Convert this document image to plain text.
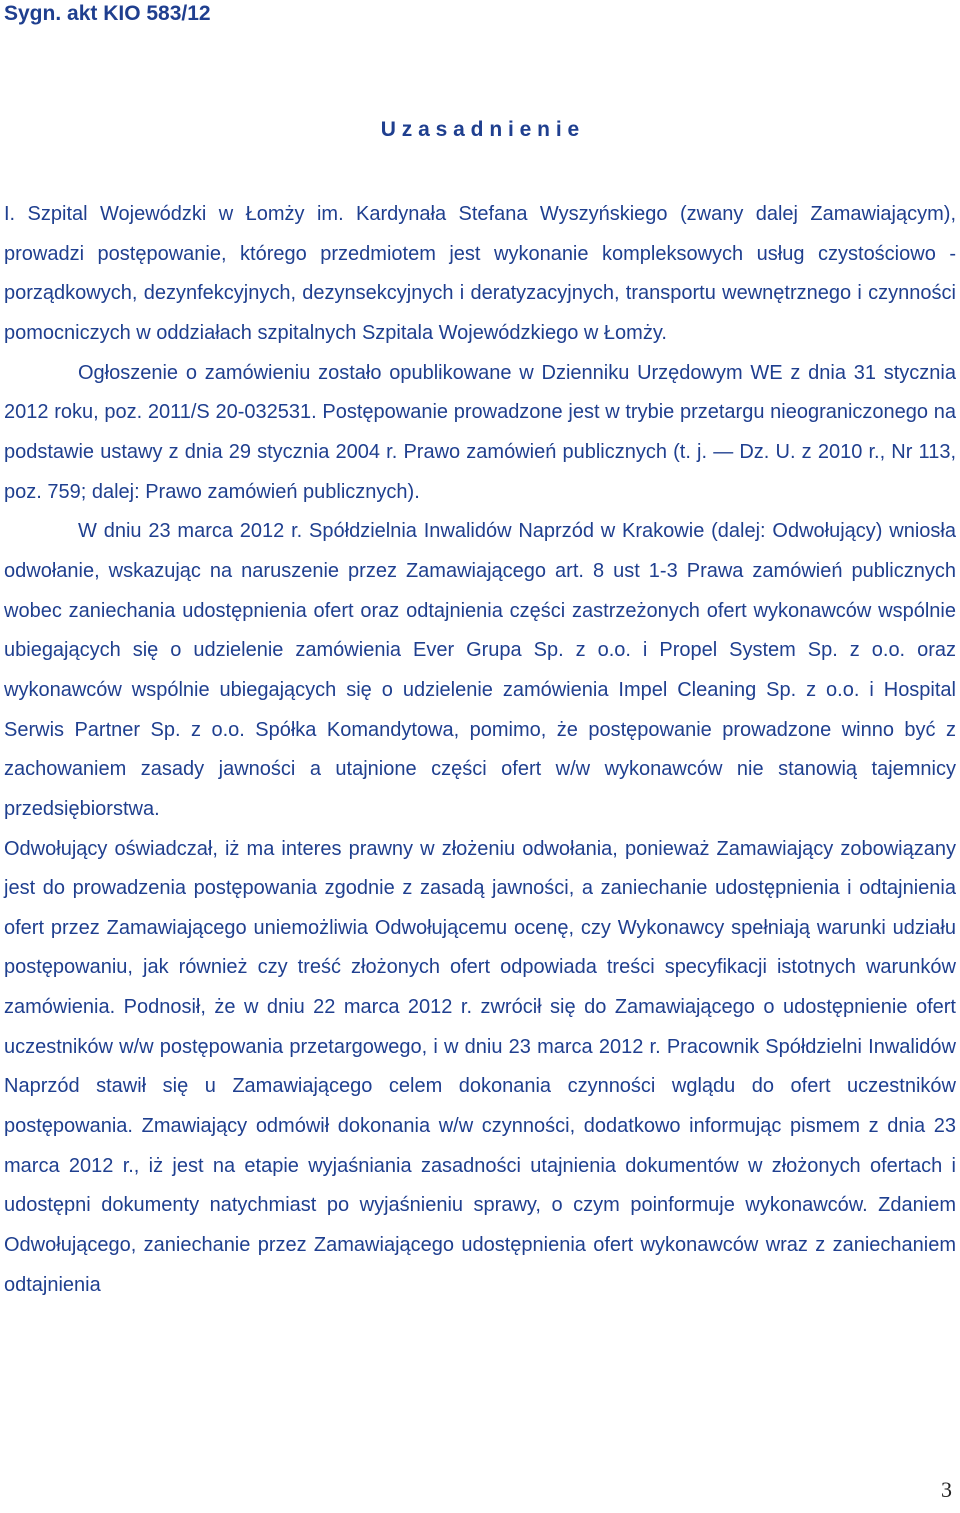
Sygn. akt KIO 583/12
U z a s a d n i e n i e

I. Szpital Wojewódzki w Łomży im. Kardynała Stefana Wyszyńskiego (zwany dalej Zamawiającym), prowadzi postępowanie, którego przedmiotem jest wykonanie kompleksowych usług czystościowo - porządkowych, dezynfekcyjnych, dezynsekcyjnych i deratyzacyjnych, transportu wewnętrznego i czynności pomocniczych w oddziałach szpitalnych Szpitala Wojewódzkiego w Łomży.

Ogłoszenie o zamówieniu zostało opublikowane w Dzienniku Urzędowym WE z dnia 31 stycznia 2012 roku, poz. 2011/S 20-032531. Postępowanie prowadzone jest w trybie przetargu nieograniczonego na podstawie ustawy z dnia 29 stycznia 2004 r. Prawo zamówień publicznych (t. j. — Dz. U. z 2010 r., Nr 113, poz. 759; dalej: Prawo zamówień publicznych).

W dniu 23 marca 2012 r. Spółdzielnia Inwalidów Naprzód w Krakowie (dalej: Odwołujący) wniosła odwołanie, wskazując na naruszenie przez Zamawiającego art. 8 ust 1-3 Prawa zamówień publicznych wobec zaniechania udostępnienia ofert oraz odtajnienia części zastrzeżonych ofert wykonawców wspólnie ubiegających się o udzielenie zamówienia Ever Grupa Sp. z o.o. i Propel System Sp. z o.o. oraz wykonawców wspólnie ubiegających się o udzielenie zamówienia Impel Cleaning Sp. z o.o. i Hospital Serwis Partner Sp. z o.o. Spółka Komandytowa, pomimo, że postępowanie prowadzone winno być z zachowaniem zasady jawności a utajnione części ofert w/w wykonawców nie stanowią tajemnicy przedsiębiorstwa.

Odwołujący oświadczał, iż ma interes prawny w złożeniu odwołania, ponieważ Zamawiający zobowiązany jest do prowadzenia postępowania zgodnie z zasadą jawności, a zaniechanie udostępnienia i odtajnienia ofert przez Zamawiającego uniemożliwia Odwołującemu ocenę, czy Wykonawcy spełniają warunki udziału postępowaniu, jak również czy treść złożonych ofert odpowiada treści specyfikacji istotnych warunków zamówienia. Podnosił, że w dniu 22 marca 2012 r. zwrócił się do Zamawiającego o udostępnienie ofert uczestników w/w postępowania przetargowego, i w dniu 23 marca 2012 r. Pracownik Spółdzielni Inwalidów Naprzód stawił się u Zamawiającego celem dokonania czynności wglądu do ofert uczestników postępowania. Zmawiający odmówił dokonania w/w czynności, dodatkowo informując pismem z dnia 23 marca 2012 r., iż jest na etapie wyjaśniania zasadności utajnienia dokumentów w złożonych ofertach i udostępni dokumenty natychmiast po wyjaśnieniu sprawy, o czym poinformuje wykonawców. Zdaniem Odwołującego, zaniechanie przez Zamawiającego udostępnienia ofert wykonawców wraz z zaniechaniem odtajnienia

3
